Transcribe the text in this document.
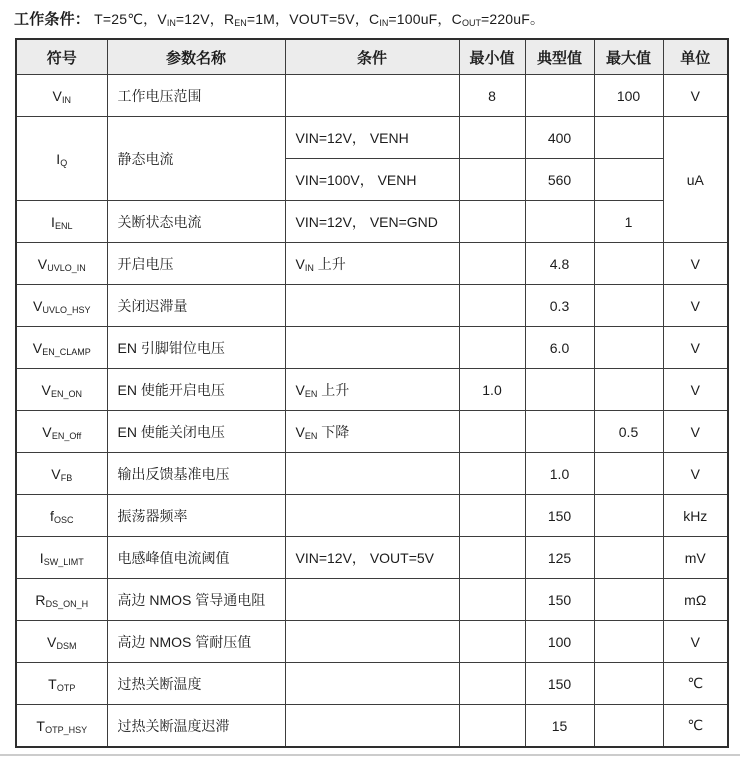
工作条件： T=25℃，$V_{IN}=12V$，$R_{EN}=1M$，VOUT=5V，$C_{IN}=100uF$，$C_{OUT}=220uF$。
符号	参数名称	条件	最小值	典型值	最大值	单位
$V_{IN}$	工作电压范围		8		100	V
$I_Q$	静态电流	VIN=12V， VENH		400		uA
		VIN=100V， VENH		560		
$I_{ENL}$	关断状态电流	VIN=12V， VEN=GND			1	
$V_{UVLO\_IN}$	开启电压	$V_{IN}$ 上升		4.8		V
$V_{UVLO\_HSY}$	关闭迟滞量			0.3		V
$V_{EN\_CLAMP}$	EN 引脚钳位电压			6.0		V
$V_{EN\_ON}$	EN 使能开启电压	$V_{EN}$ 上升	1.0			V
$V_{EN\_Off}$	EN 使能关闭电压	$V_{EN}$ 下降			0.5	V
$V_{FB}$	输出反馈基准电压			1.0		V
$f_{OSC}$	振荡器频率			150		kHz
$I_{SW\_LIMT}$	电感峰值电流阈值	VIN=12V， VOUT=5V		125		mV
$R_{DS\_ON\_H}$	高边 NMOS 管导通电阻			150		mΩ
$V_{DSM}$	高边 NMOS 管耐压值			100		V
$T_{OTP}$	过热关断温度			150		℃
$T_{OTP\_HSY}$	过热关断温度迟滞			15		℃
